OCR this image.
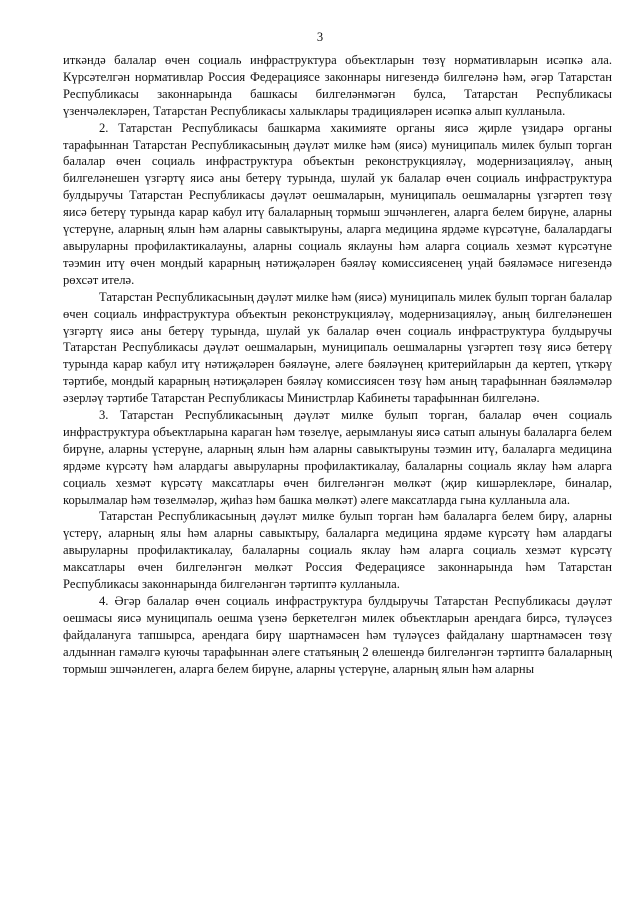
3

иткәндә балалар өчен социаль инфраструктура объектларын төзү нормативларын исәпкә ала. Күрсәтелгән нормативлар Россия Федерациясе законнары нигезендә билгеләнә һәм, әгәр Татарстан Республикасы законнарында башкасы билгеләнмәгән булса, Татарстан Республикасы үзенчәлекләрен, Татарстан Республикасы халыклары традицияләрен исәпкә алып кулланыла.

2. Татарстан Республикасы башкарма хакимияте органы яисә җирле үзидарә органы тарафыннан Татарстан Республикасының дәүләт милке һәм (яисә) муниципаль милек булып торган балалар өчен социаль инфраструктура объектын реконструкцияләү, модернизацияләү, аның билгеләнешен үзгәртү яисә аны бетерү турында, шулай ук балалар өчен социаль инфраструктура булдыручы Татарстан Республикасы дәүләт оешмаларын, муниципаль оешмаларны үзгәртеп төзү яисә бетерү турында карар кабул итү балаларның тормыш эшчәнлеген, аларга белем бирүне, аларны үстерүне, аларның ялын һәм аларны савыктыруны, аларга медицина ярдәме күрсәтүне, балалардагы авыруларны профилактикалауны, аларны социаль яклауны һәм аларга социаль хезмәт күрсәтүне тәэмин итү өчен мондый карарның нәтиҗәләрен бәяләү комиссиясенең уңай бәяләмәсе нигезендә рөхсәт ителә.

Татарстан Республикасының дәүләт милке һәм (яисә) муниципаль милек булып торган балалар өчен социаль инфраструктура объектын реконструкцияләү, модернизацияләү, аның билгеләнешен үзгәртү яисә аны бетерү турында, шулай ук балалар өчен социаль инфраструктура булдыручы Татарстан Республикасы дәүләт оешмаларын, муниципаль оешмаларны үзгәртеп төзү яисә бетерү турында карар кабул итү нәтиҗәләрен бәяләүне, әлеге бәяләүнең критерийларын да кертеп, үткәрү тәртибе, мондый карарның нәтиҗәләрен бәяләү комиссиясен төзү һәм аның тарафыннан бәяләмәләр әзерләү тәртибе Татарстан Республикасы Министрлар Кабинеты тарафыннан билгеләнә.

3. Татарстан Республикасының дәүләт милке булып торган, балалар өчен социаль инфраструктура объектларына караган һәм төзелүе, аерымлануы яисә сатып алынуы балаларга белем бирүне, аларны үстерүне, аларның ялын һәм аларны савыктыруны тәэмин итү, балаларга медицина ярдәме күрсәтү һәм алардагы авыруларны профилактикалау, балаларны социаль яклау һәм аларга социаль хезмәт күрсәтү максатлары өчен билгеләнгән мөлкәт (җир кишәрлекләре, биналар, корылмалар һәм төзелмәләр, җиһаз һәм башка мөлкәт) әлеге максатларда гына кулланыла ала.

Татарстан Республикасының дәүләт милке булып торган һәм балаларга белем бирү, аларны үстерү, аларның ялы һәм аларны савыктыру, балаларга медицина ярдәме күрсәтү һәм алардагы авыруларны профилактикалау, балаларны социаль яклау һәм аларга социаль хезмәт күрсәтү максатлары өчен билгеләнгән мөлкәт Россия Федерациясе законнарында һәм Татарстан Республикасы законнарында билгеләнгән тәртиптә кулланыла.

4. Әгәр балалар өчен социаль инфраструктура булдыручы Татарстан Республикасы дәүләт оешмасы яисә муниципаль оешма үзенә беркетелгән милек объектларын арендага бирсә, түләүсез файдалануга тапшырса, арендага бирү шартнамәсен һәм түләүсез файдалану шартнамәсен төзү алдыннан гамәлгә куючы тарафыннан әлеге статьяның 2 өлешендә билгеләнгән тәртиптә балаларның тормыш эшчәнлеген, аларга белем бирүне, аларны үстерүне, аларның ялын һәм аларны
